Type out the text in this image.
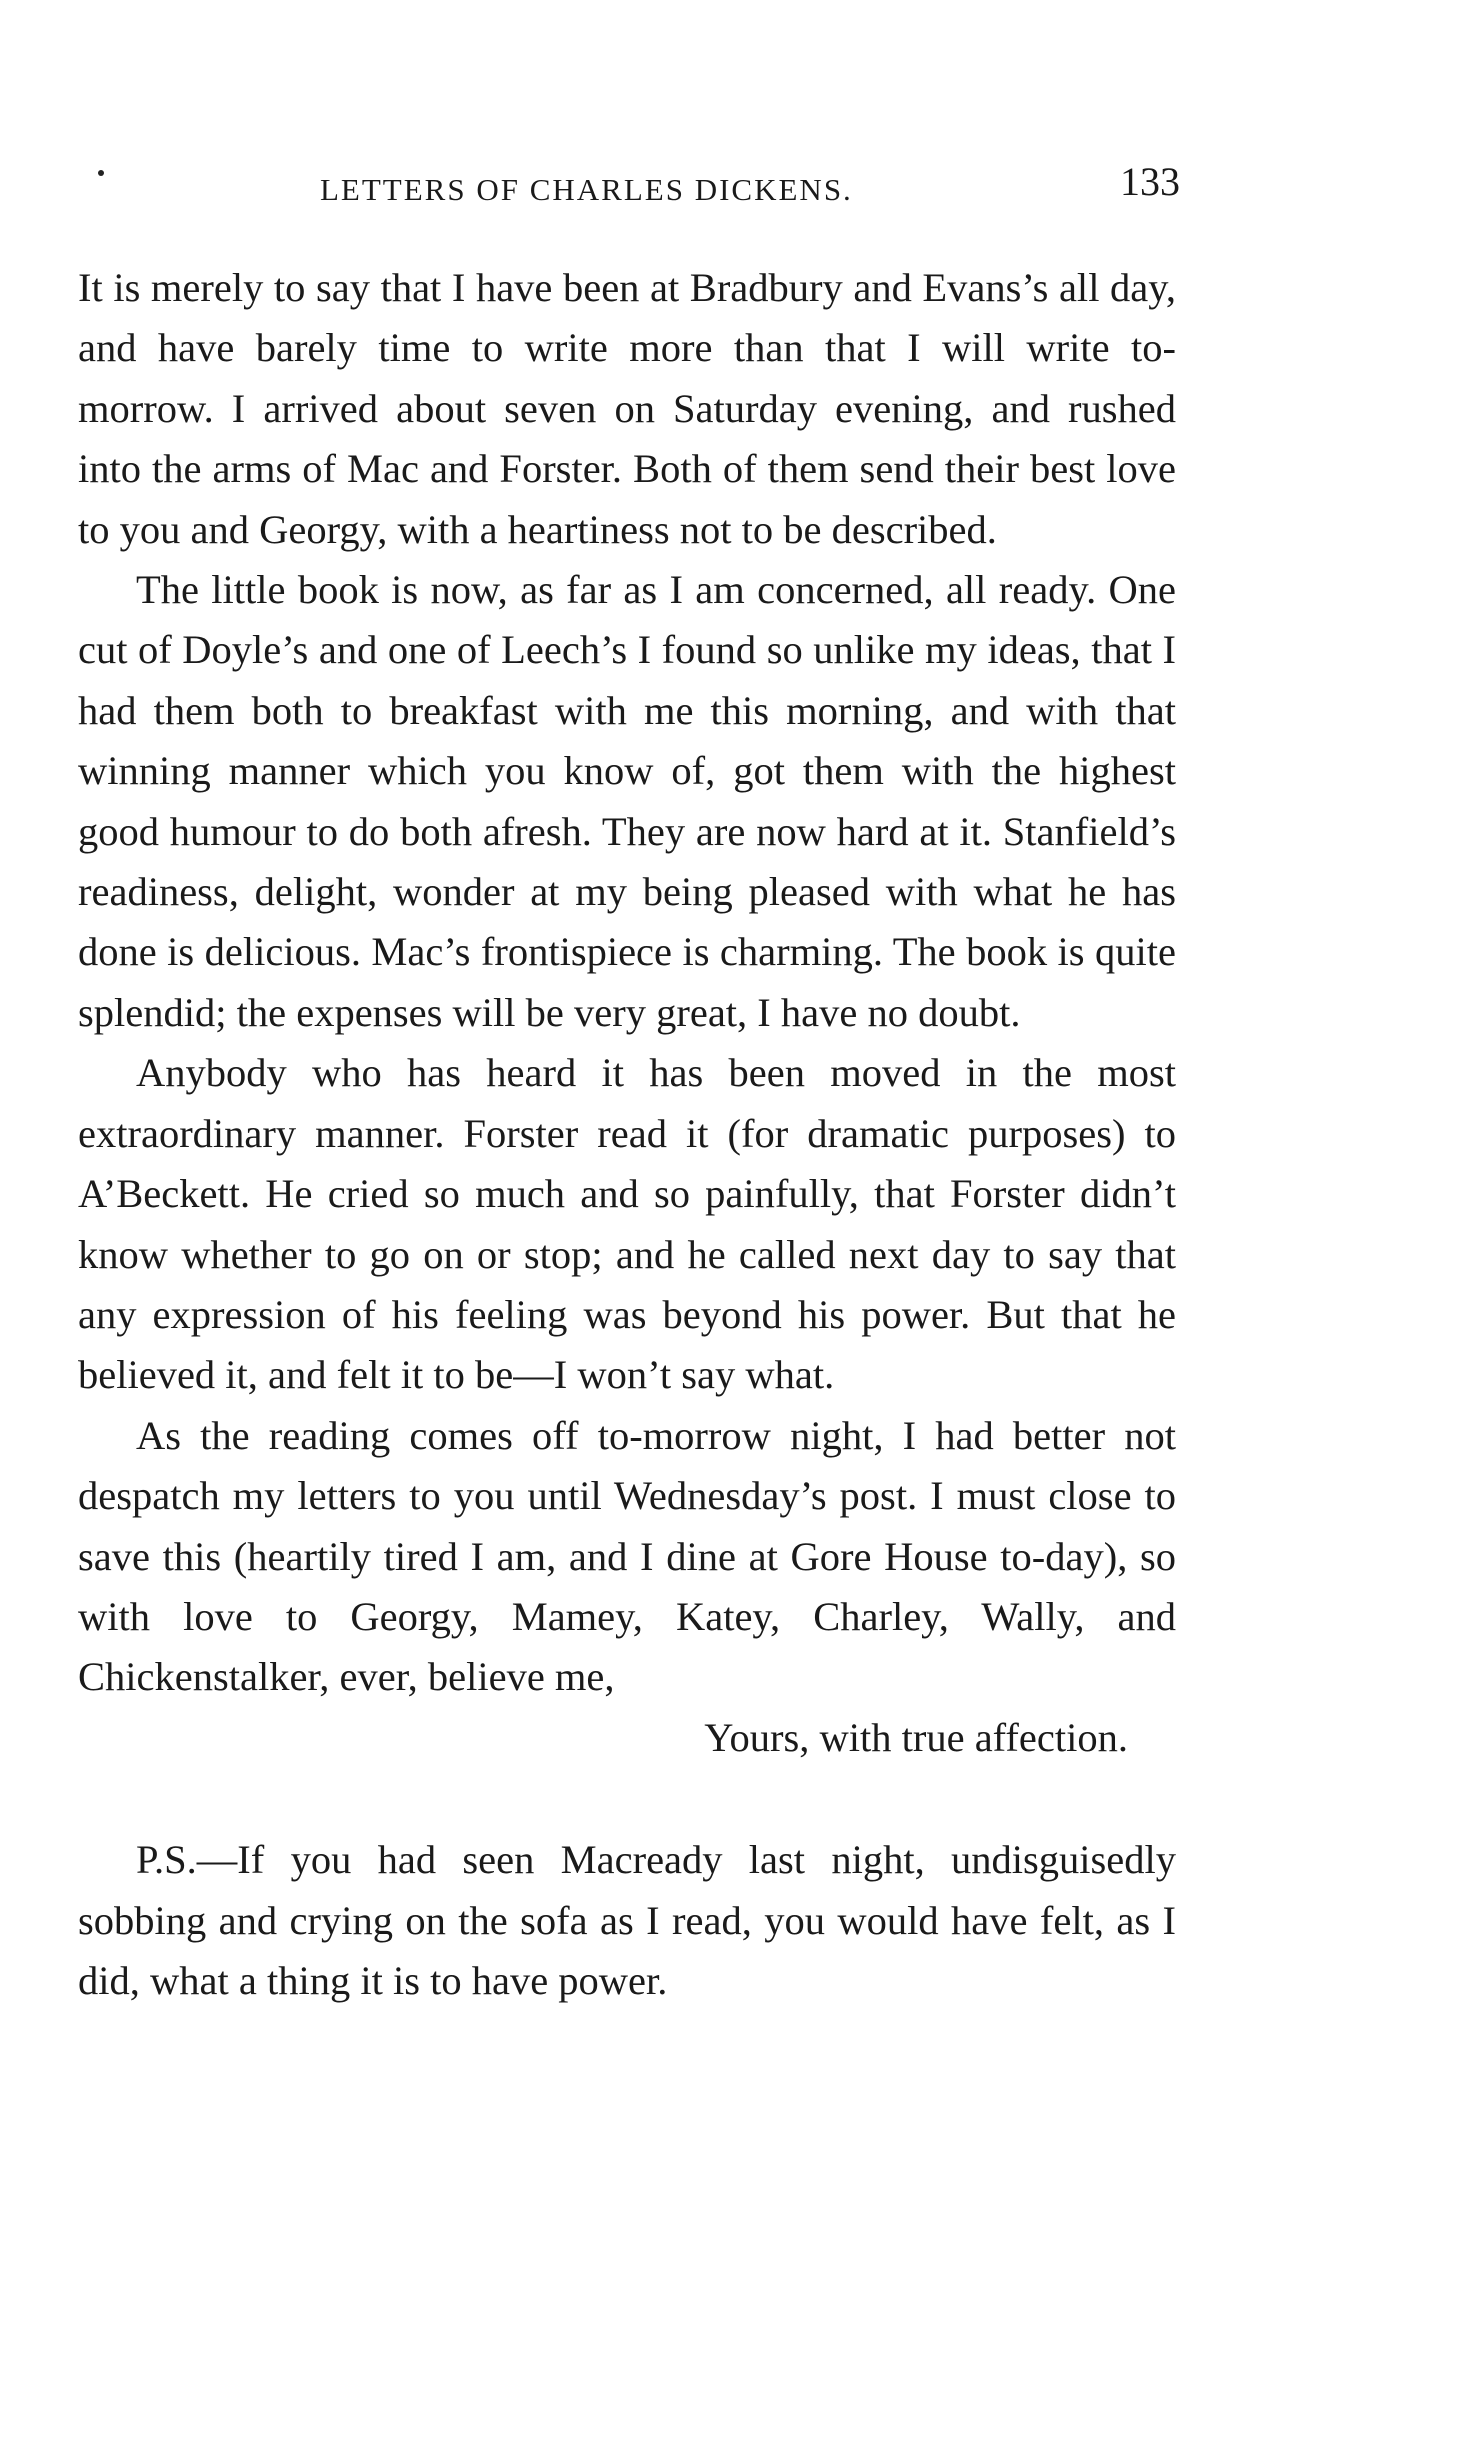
LETTERS OF CHARLES DICKENS.	133

It is merely to say that I have been at Bradbury and Evans’s all day, and have barely time to write more than that I will write to-morrow. I arrived about seven on Saturday evening, and rushed into the arms of Mac and Forster. Both of them send their best love to you and Georgy, with a heartiness not to be described.

The little book is now, as far as I am concerned, all ready. One cut of Doyle’s and one of Leech’s I found so unlike my ideas, that I had them both to breakfast with me this morning, and with that winning manner which you know of, got them with the highest good humour to do both afresh. They are now hard at it. Stanfield’s readiness, delight, wonder at my being pleased with what he has done is delicious. Mac’s frontispiece is charming. The book is quite splendid; the expenses will be very great, I have no doubt.

Anybody who has heard it has been moved in the most extraordinary manner. Forster read it (for dramatic purposes) to A’Beckett. He cried so much and so painfully, that Forster didn’t know whether to go on or stop; and he called next day to say that any expression of his feeling was beyond his power. But that he believed it, and felt it to be—I won’t say what.

As the reading comes off to-morrow night, I had better not despatch my letters to you until Wednesday’s post. I must close to save this (heartily tired I am, and I dine at Gore House to-day), so with love to Georgy, Mamey, Katey, Charley, Wally, and Chickenstalker, ever, believe me,

Yours, with true affection.

P.S.—If you had seen Macready last night, undisguisedly sobbing and crying on the sofa as I read, you would have felt, as I did, what a thing it is to have power.
